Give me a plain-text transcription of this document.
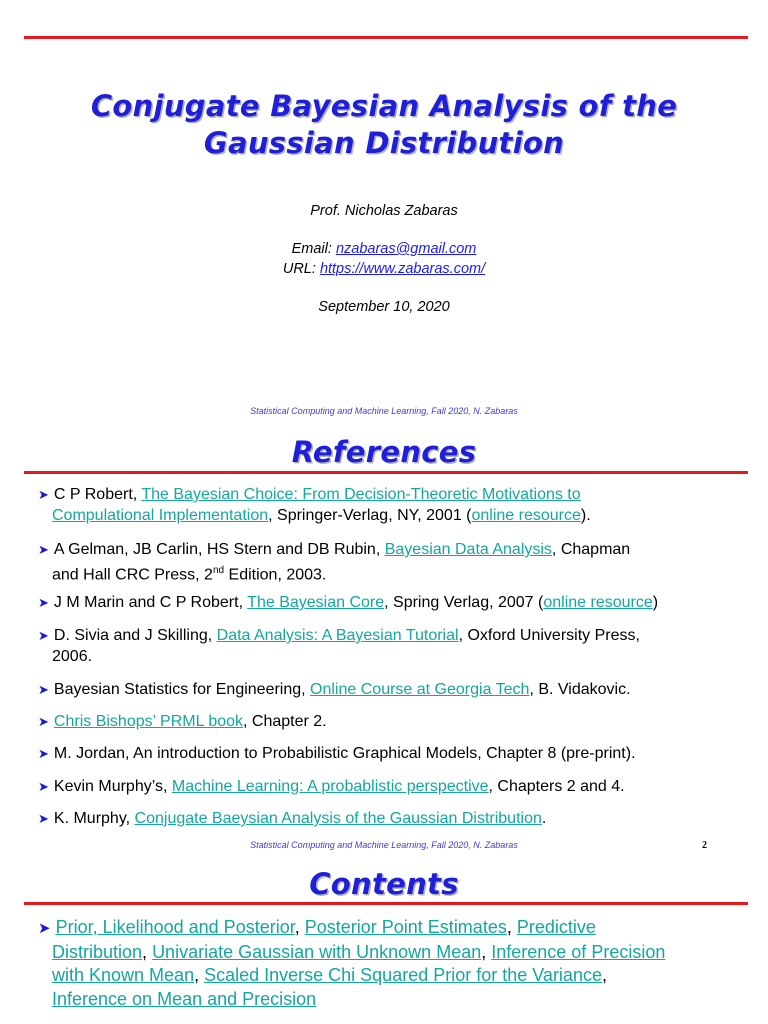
Conjugate Bayesian Analysis of the
Gaussian Distribution
Prof. Nicholas Zabaras
Email: nzabaras@gmail.com
URL: https://www.zabaras.com/
September 10, 2020
Statistical Computing and Machine Learning, Fall 2020, N. Zabaras
References
➤ C P Robert, The Bayesian Choice: From Decision-Theoretic Motivations to
Compulational Implementation, Springer-Verlag, NY, 2001 (online resource).
➤ A Gelman, JB Carlin, HS Stern and DB Rubin, Bayesian Data Analysis, Chapman
and Hall CRC Press, 2nd Edition, 2003.
➤ J M Marin and C P Robert, The Bayesian Core, Spring Verlag, 2007 (online resource)
➤ D. Sivia and J Skilling, Data Analysis: A Bayesian Tutorial, Oxford University Press,
2006.
➤ Bayesian Statistics for Engineering, Online Course at Georgia Tech, B. Vidakovic.
➤ Chris Bishops’ PRML book, Chapter 2.
➤ M. Jordan, An introduction to Probabilistic Graphical Models, Chapter 8 (pre-print).
➤ Kevin Murphy’s, Machine Learning: A probablistic perspective, Chapters 2 and 4.
➤ K. Murphy, Conjugate Baeysian Analysis of the Gaussian Distribution.
Statistical Computing and Machine Learning, Fall 2020, N. Zabaras	2
Contents
➤ Prior, Likelihood and Posterior, Posterior Point Estimates, Predictive
Distribution, Univariate Gaussian with Unknown Mean, Inference of Precision
with Known Mean, Scaled Inverse Chi Squared Prior for the Variance,
Inference on Mean and Precision
